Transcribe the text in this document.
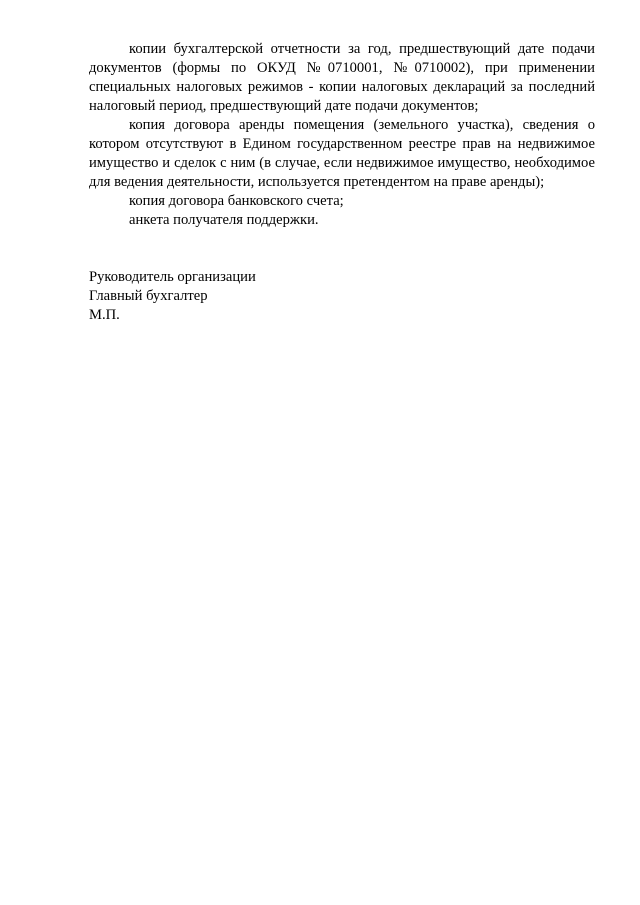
копии бухгалтерской отчетности за год, предшествующий дате подачи документов (формы по ОКУД №0710001, №0710002), при применении специальных налоговых режимов - копии налоговых деклараций за последний налоговый период, предшествующий дате подачи документов;

копия договора аренды помещения (земельного участка), сведения о котором отсутствуют в Едином государственном реестре прав на недвижимое имущество и сделок с ним (в случае, если недвижимое имущество, необходимое для ведения деятельности, используется претендентом на праве аренды);

копия договора банковского счета;

анкета получателя поддержки.

Руководитель организации

Главный бухгалтер

М.П.
